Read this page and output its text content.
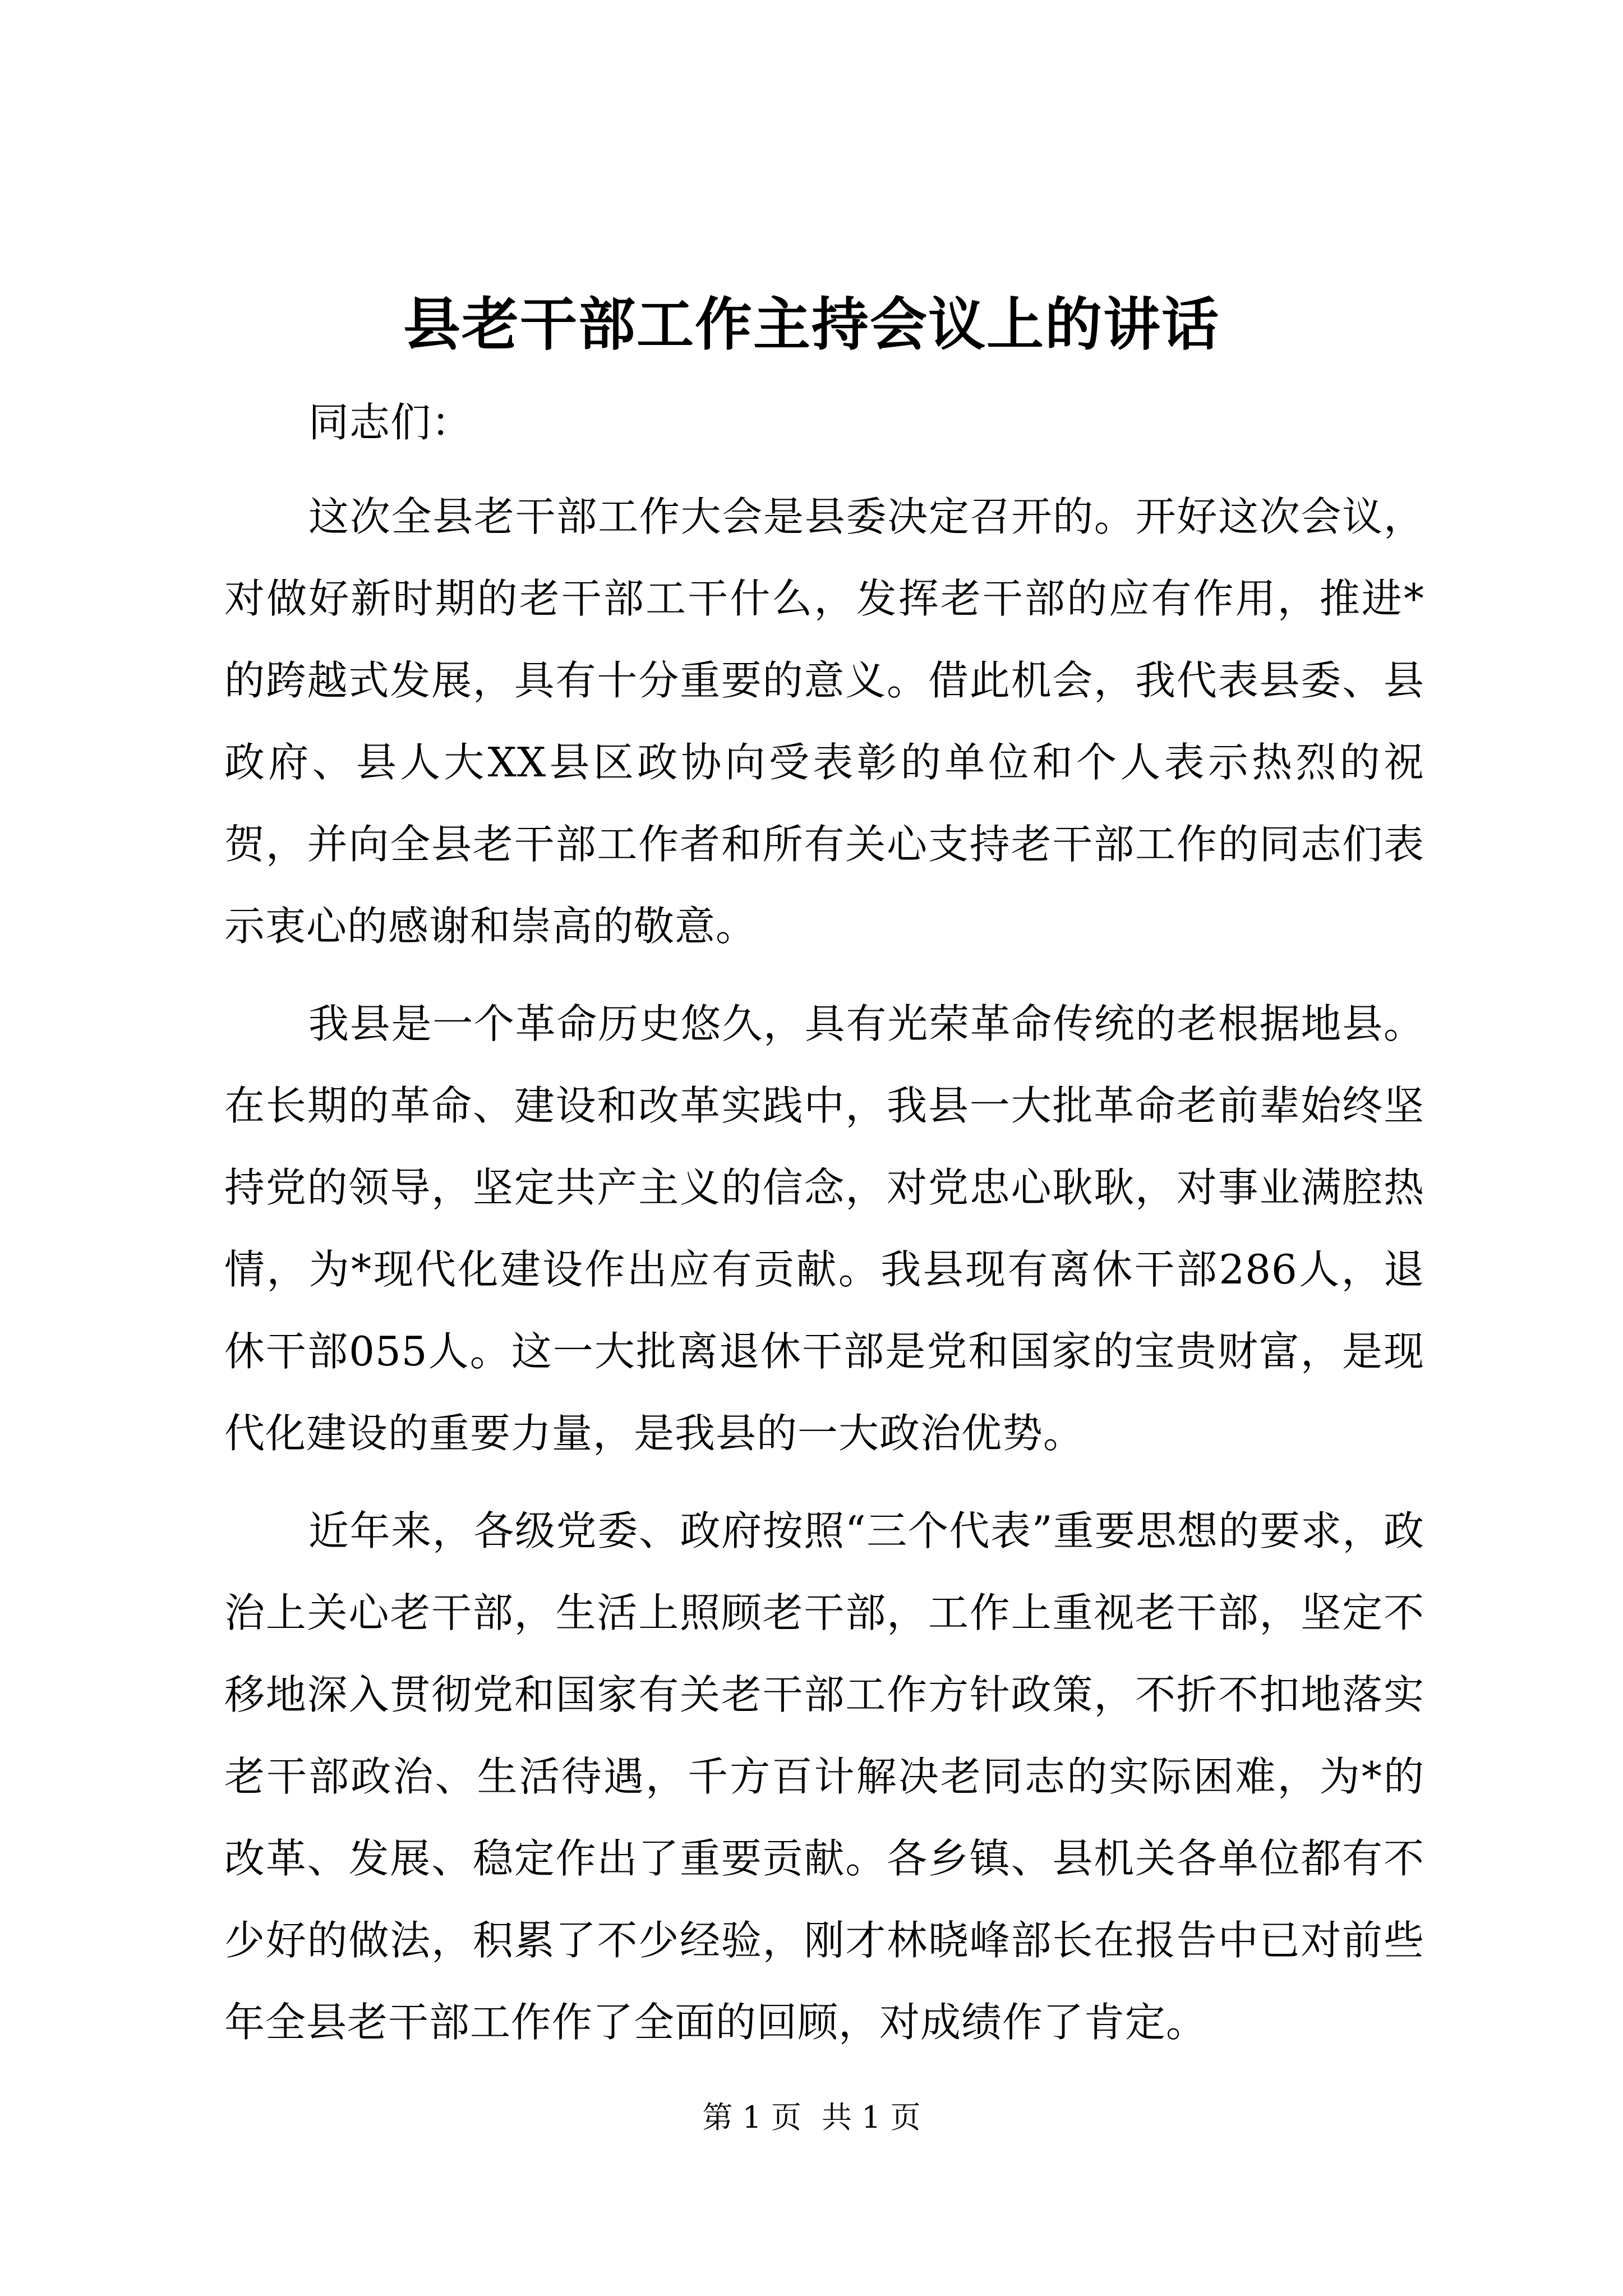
县老干部工作主持会议上的讲话

同志们：

这次全县老干部工作大会是县委决定召开的。开好这次会议，对做好新时期的老干部工干什么，发挥老干部的应有作用，推进*的跨越式发展，具有十分重要的意义。借此机会，我代表县委、县政府、县人大XX县区政协向受表彰的单位和个人表示热烈的祝贺，并向全县老干部工作者和所有关心支持老干部工作的同志们表示衷心的感谢和崇高的敬意。

我县是一个革命历史悠久，具有光荣革命传统的老根据地县。在长期的革命、建设和改革实践中，我县一大批革命老前辈始终坚持党的领导，坚定共产主义的信念，对党忠心耿耿，对事业满腔热情，为*现代化建设作出应有贡献。我县现有离休干部286人，退休干部055人。这一大批离退休干部是党和国家的宝贵财富，是现代化建设的重要力量，是我县的一大政治优势。

近年来，各级党委、政府按照“三个代表”重要思想的要求，政治上关心老干部，生活上照顾老干部，工作上重视老干部，坚定不移地深入贯彻党和国家有关老干部工作方针政策，不折不扣地落实老干部政治、生活待遇，千方百计解决老同志的实际困难，为*的改革、发展、稳定作出了重要贡献。各乡镇、县机关各单位都有不少好的做法，积累了不少经验，刚才林晓峰部长在报告中已对前些年全县老干部工作作了全面的回顾，对成绩作了肯定。

第 1 页 共 1 页
